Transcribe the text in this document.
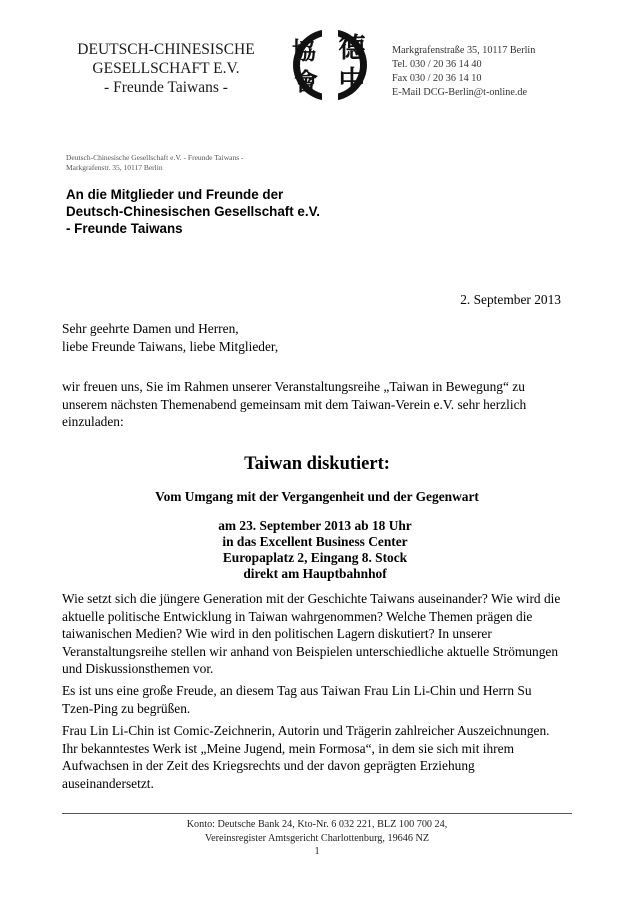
DEUTSCH-CHINESISCHE
GESELLSCHAFT E.V.
- Freunde Taiwans -
協 德
會 中
Markgrafenstraße 35, 10117 Berlin
Tel. 030 / 20 36 14 40
Fax 030 / 20 36 14 10
E-Mail DCG-Berlin@t-online.de
Deutsch-Chinesische Gesellschaft e.V. - Freunde Taiwans -
Markgrafenstr. 35, 10117 Berlin
An die Mitglieder und Freunde der
Deutsch-Chinesischen Gesellschaft e.V.
- Freunde Taiwans
2. September 2013
Sehr geehrte Damen und Herren,
liebe Freunde Taiwans, liebe Mitglieder,
wir freuen uns, Sie im Rahmen unserer Veranstaltungsreihe „Taiwan in Bewegung“ zu
unserem nächsten Themenabend gemeinsam mit dem Taiwan-Verein e.V. sehr herzlich
einzuladen:
Taiwan diskutiert:
Vom Umgang mit der Vergangenheit und der Gegenwart
am 23. September 2013 ab 18 Uhr
in das Excellent Business Center
Europaplatz 2, Eingang 8. Stock
direkt am Hauptbahnhof
Wie setzt sich die jüngere Generation mit der Geschichte Taiwans auseinander? Wie wird die
aktuelle politische Entwicklung in Taiwan wahrgenommen? Welche Themen prägen die
taiwanischen Medien? Wie wird in den politischen Lagern diskutiert? In unserer
Veranstaltungsreihe stellen wir anhand von Beispielen unterschiedliche aktuelle Strömungen
und Diskussionsthemen vor.
Es ist uns eine große Freude, an diesem Tag aus Taiwan Frau Lin Li-Chin und Herrn Su
Tzen-Ping zu begrüßen.
Frau Lin Li-Chin ist Comic-Zeichnerin, Autorin und Trägerin zahlreicher Auszeichnungen.
Ihr bekanntestes Werk ist „Meine Jugend, mein Formosa“, in dem sie sich mit ihrem
Aufwachsen in der Zeit des Kriegsrechts und der davon geprägten Erziehung
auseinandersetzt.
Konto: Deutsche Bank 24, Kto-Nr. 6 032 221, BLZ 100 700 24,
Vereinsregister Amtsgericht Charlottenburg, 19646 NZ
1
